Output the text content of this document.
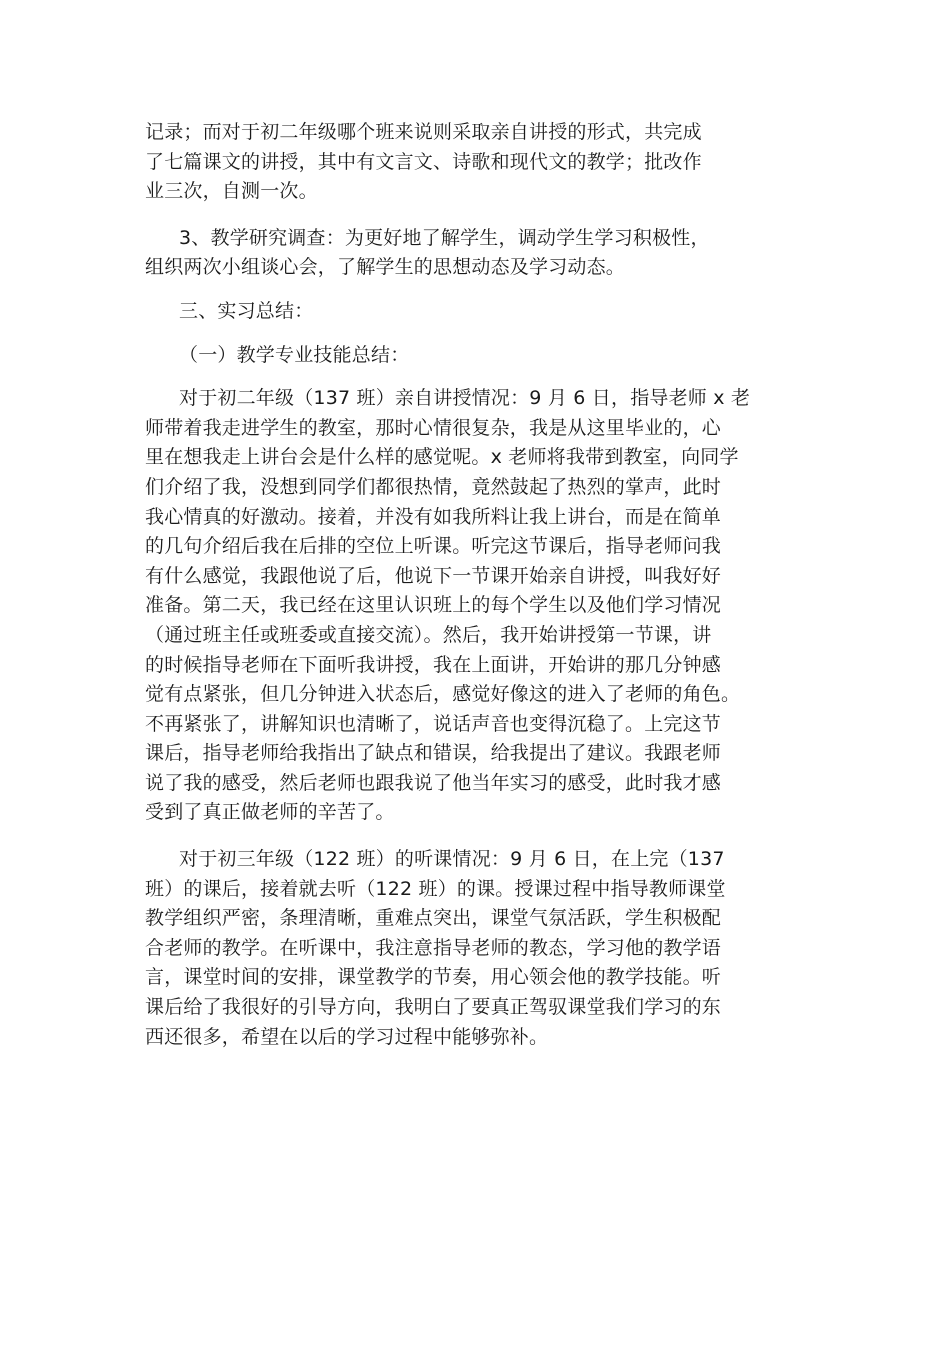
记录；而对于初二年级哪个班来说则采取亲自讲授的形式，共完成
了七篇课文的讲授，其中有文言文、诗歌和现代文的教学；批改作
业三次，自测一次。
3、教学研究调查：为更好地了解学生，调动学生学习积极性，
组织两次小组谈心会，了解学生的思想动态及学习动态。
三、实习总结：
（一）教学专业技能总结：
对于初二年级（137 班）亲自讲授情况：9 月 6 日，指导老师 x 老
师带着我走进学生的教室，那时心情很复杂，我是从这里毕业的，心
里在想我走上讲台会是什么样的感觉呢。x 老师将我带到教室，向同学
们介绍了我，没想到同学们都很热情，竟然鼓起了热烈的掌声，此时
我心情真的好激动。接着，并没有如我所料让我上讲台，而是在简单
的几句介绍后我在后排的空位上听课。听完这节课后，指导老师问我
有什么感觉，我跟他说了后，他说下一节课开始亲自讲授，叫我好好
准备。第二天，我已经在这里认识班上的每个学生以及他们学习情况
（通过班主任或班委或直接交流）。然后，我开始讲授第一节课，讲
的时候指导老师在下面听我讲授，我在上面讲，开始讲的那几分钟感
觉有点紧张，但几分钟进入状态后，感觉好像这的进入了老师的角色。
不再紧张了，讲解知识也清晰了，说话声音也变得沉稳了。上完这节
课后，指导老师给我指出了缺点和错误，给我提出了建议。我跟老师
说了我的感受，然后老师也跟我说了他当年实习的感受，此时我才感
受到了真正做老师的辛苦了。
对于初三年级（122 班）的听课情况：9 月 6 日，在上完（137
班）的课后，接着就去听（122 班）的课。授课过程中指导教师课堂
教学组织严密，条理清晰，重难点突出，课堂气氛活跃，学生积极配
合老师的教学。在听课中，我注意指导老师的教态，学习他的教学语
言，课堂时间的安排，课堂教学的节奏，用心领会他的教学技能。听
课后给了我很好的引导方向，我明白了要真正驾驭课堂我们学习的东
西还很多，希望在以后的学习过程中能够弥补。
